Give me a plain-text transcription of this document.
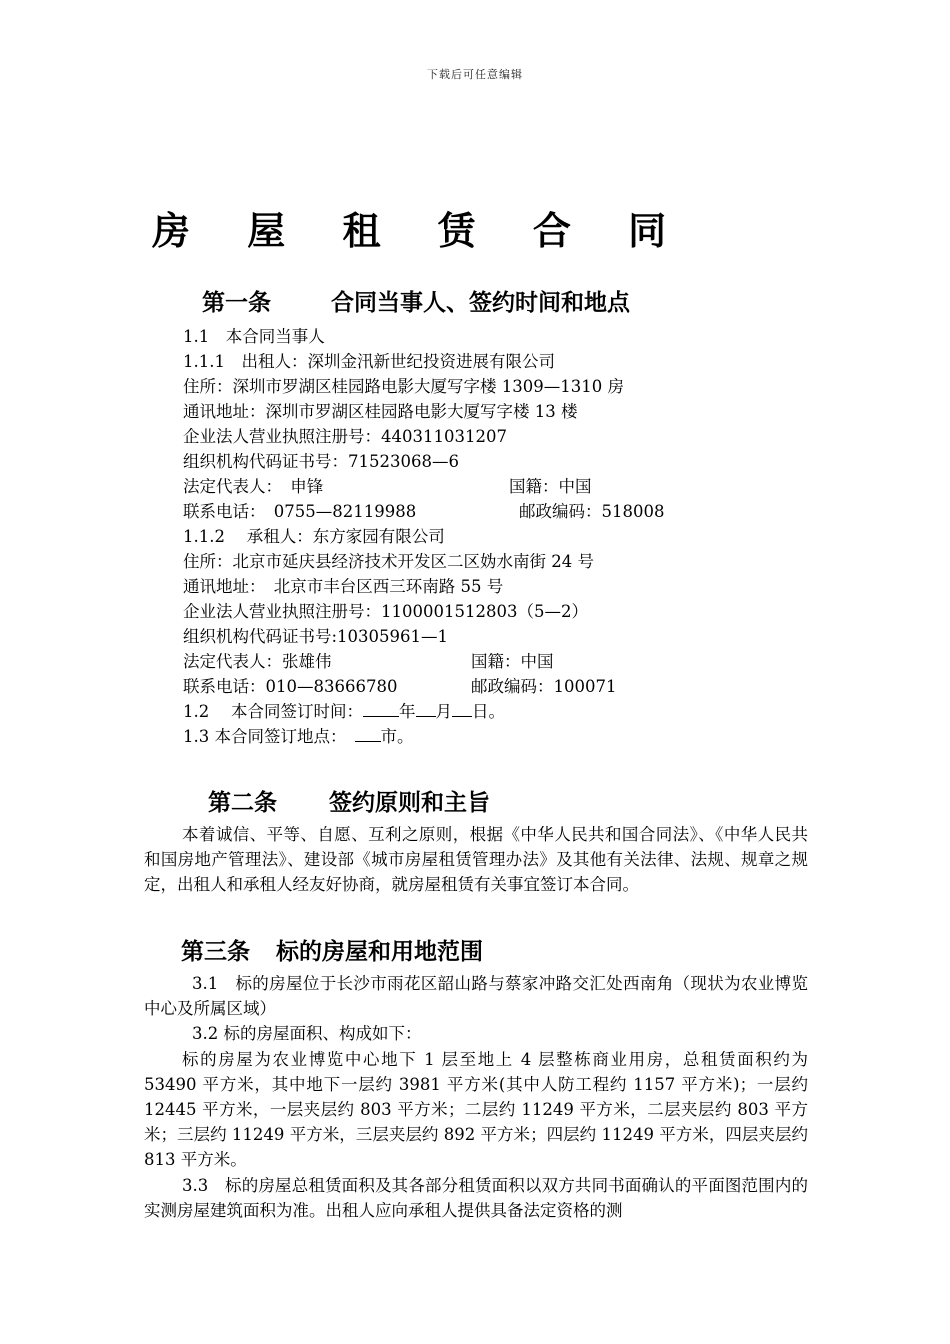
下载后可任意编辑
房 屋 租 赁 合 同
第一条	合同当事人、签约时间和地点
1.1　本合同当事人
1.1.1　出租人：深圳金汛新世纪投资进展有限公司
住所：深圳市罗湖区桂园路电影大厦写字楼 1309—1310 房
通讯地址：深圳市罗湖区桂园路电影大厦写字楼 13 楼
企业法人营业执照注册号：440311031207
组织机构代码证书号：71523068—6
法定代表人：　申锋	国籍：中国
联系电话：　0755—82119988	邮政编码：518008
1.1.2　 承租人：东方家园有限公司
住所：北京市延庆县经济技术开发区二区妫水南街 24 号
通讯地址：　北京市丰台区西三环南路 55 号
企业法人营业执照注册号：1100001512803（5—2）
组织机构代码证书号:10305961—1
法定代表人：张雄伟	国籍：中国
联系电话：010—83666780	邮政编码：100071
1.2　 本合同签订时间： 年 月 日。
1.3 本合同签订地点： 市。
第二条 签约原则和主旨

本着诚信、平等、自愿、互利之原则，根据《中华人民共和国合同法》、《中华人民共和国房地产管理法》、建设部《城市房屋租赁管理办法》及其他有关法律、法规、规章之规定，出租人和承租人经友好协商，就房屋租赁有关事宜签订本合同。

第三条 标的房屋和用地范围

3.1　标的房屋位于长沙市雨花区韶山路与蔡家冲路交汇处西南角（现状为农业博览中心及所属区域）

3.2 标的房屋面积、构成如下：

标的房屋为农业博览中心地下 1 层至地上 4 层整栋商业用房，总租赁面积约为 53490 平方米，其中地下一层约 3981 平方米(其中人防工程约 1157 平方米)；一层约 12445 平方米，一层夹层约 803 平方米；二层约 11249 平方米，二层夹层约 803 平方米；三层约 11249 平方米，三层夹层约 892 平方米；四层约 11249 平方米，四层夹层约 813 平方米。

3.3　标的房屋总租赁面积及其各部分租赁面积以双方共同书面确认的平面图范围内的实测房屋建筑面积为准。出租人应向承租人提供具备法定资格的测
